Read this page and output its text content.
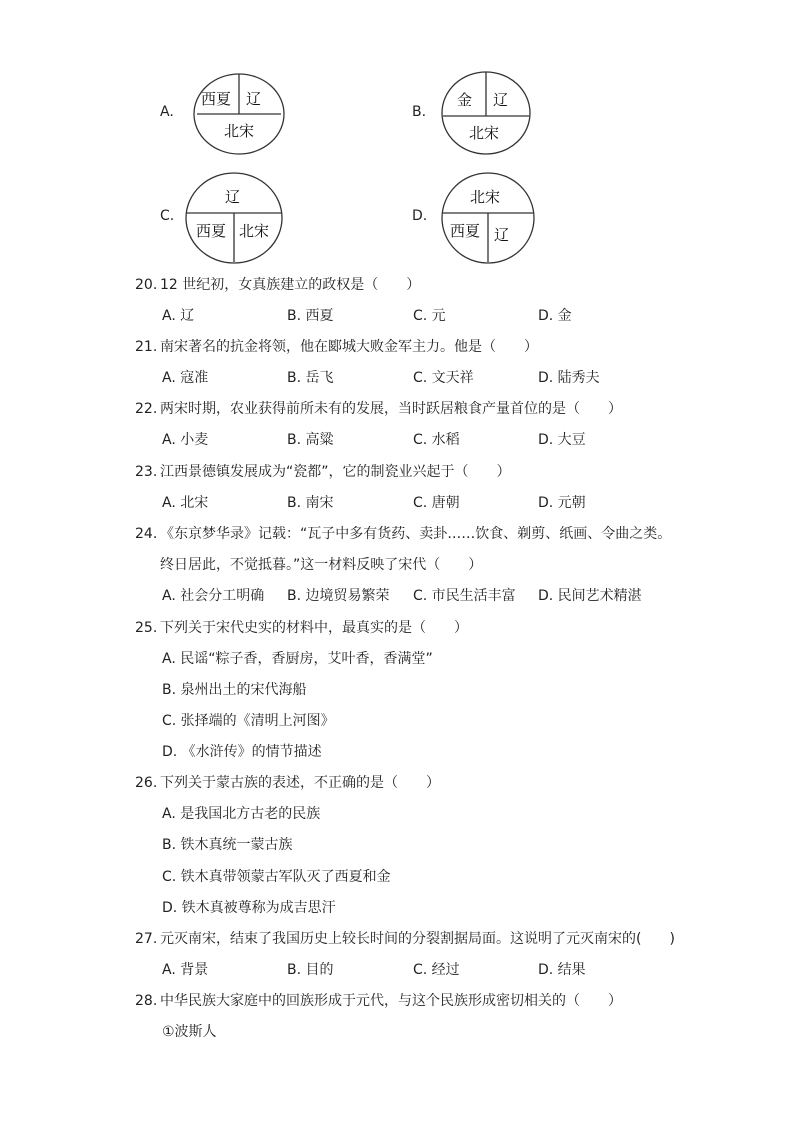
A.
西夏 辽
北宋
B.
金 辽
北宋
C.
辽
西夏 北宋
D.
北宋
西夏 辽
20. 12 世纪初，女真族建立的政权是（　　）
A. 辽	B. 西夏	C. 元	D. 金
21. 南宋著名的抗金将领，他在郾城大败金军主力。他是（　　）
A. 寇准	B. 岳飞	C. 文天祥	D. 陆秀夫
22. 两宋时期，农业获得前所未有的发展，当时跃居粮食产量首位的是（　　）
A. 小麦	B. 高粱	C. 水稻	D. 大豆
23. 江西景德镇发展成为“瓷都”，它的制瓷业兴起于（　　）
A. 北宋	B. 南宋	C. 唐朝	D. 元朝
24. 《东京梦华录》记载：“瓦子中多有货药、卖卦……饮食、剃剪、纸画、令曲之类。
终日居此，不觉抵暮。”这一材料反映了宋代（　　）
A. 社会分工明确 B. 边境贸易繁荣 C. 市民生活丰富 D. 民间艺术精湛
25. 下列关于宋代史实的材料中，最真实的是（　　）
A. 民谣“粽子香，香厨房，艾叶香，香满堂”
B. 泉州出土的宋代海船
C. 张择端的《清明上河图》
D. 《水浒传》的情节描述
26. 下列关于蒙古族的表述，不正确的是（　　）
A. 是我国北方古老的民族
B. 铁木真统一蒙古族
C. 铁木真带领蒙古军队灭了西夏和金
D. 铁木真被尊称为成吉思汗
27. 元灭南宋，结束了我国历史上较长时间的分裂割据局面。这说明了元灭南宋的(　　)
A. 背景	B. 目的	C. 经过	D. 结果
28. 中华民族大家庭中的回族形成于元代，与这个民族形成密切相关的（　　）
①波斯人
